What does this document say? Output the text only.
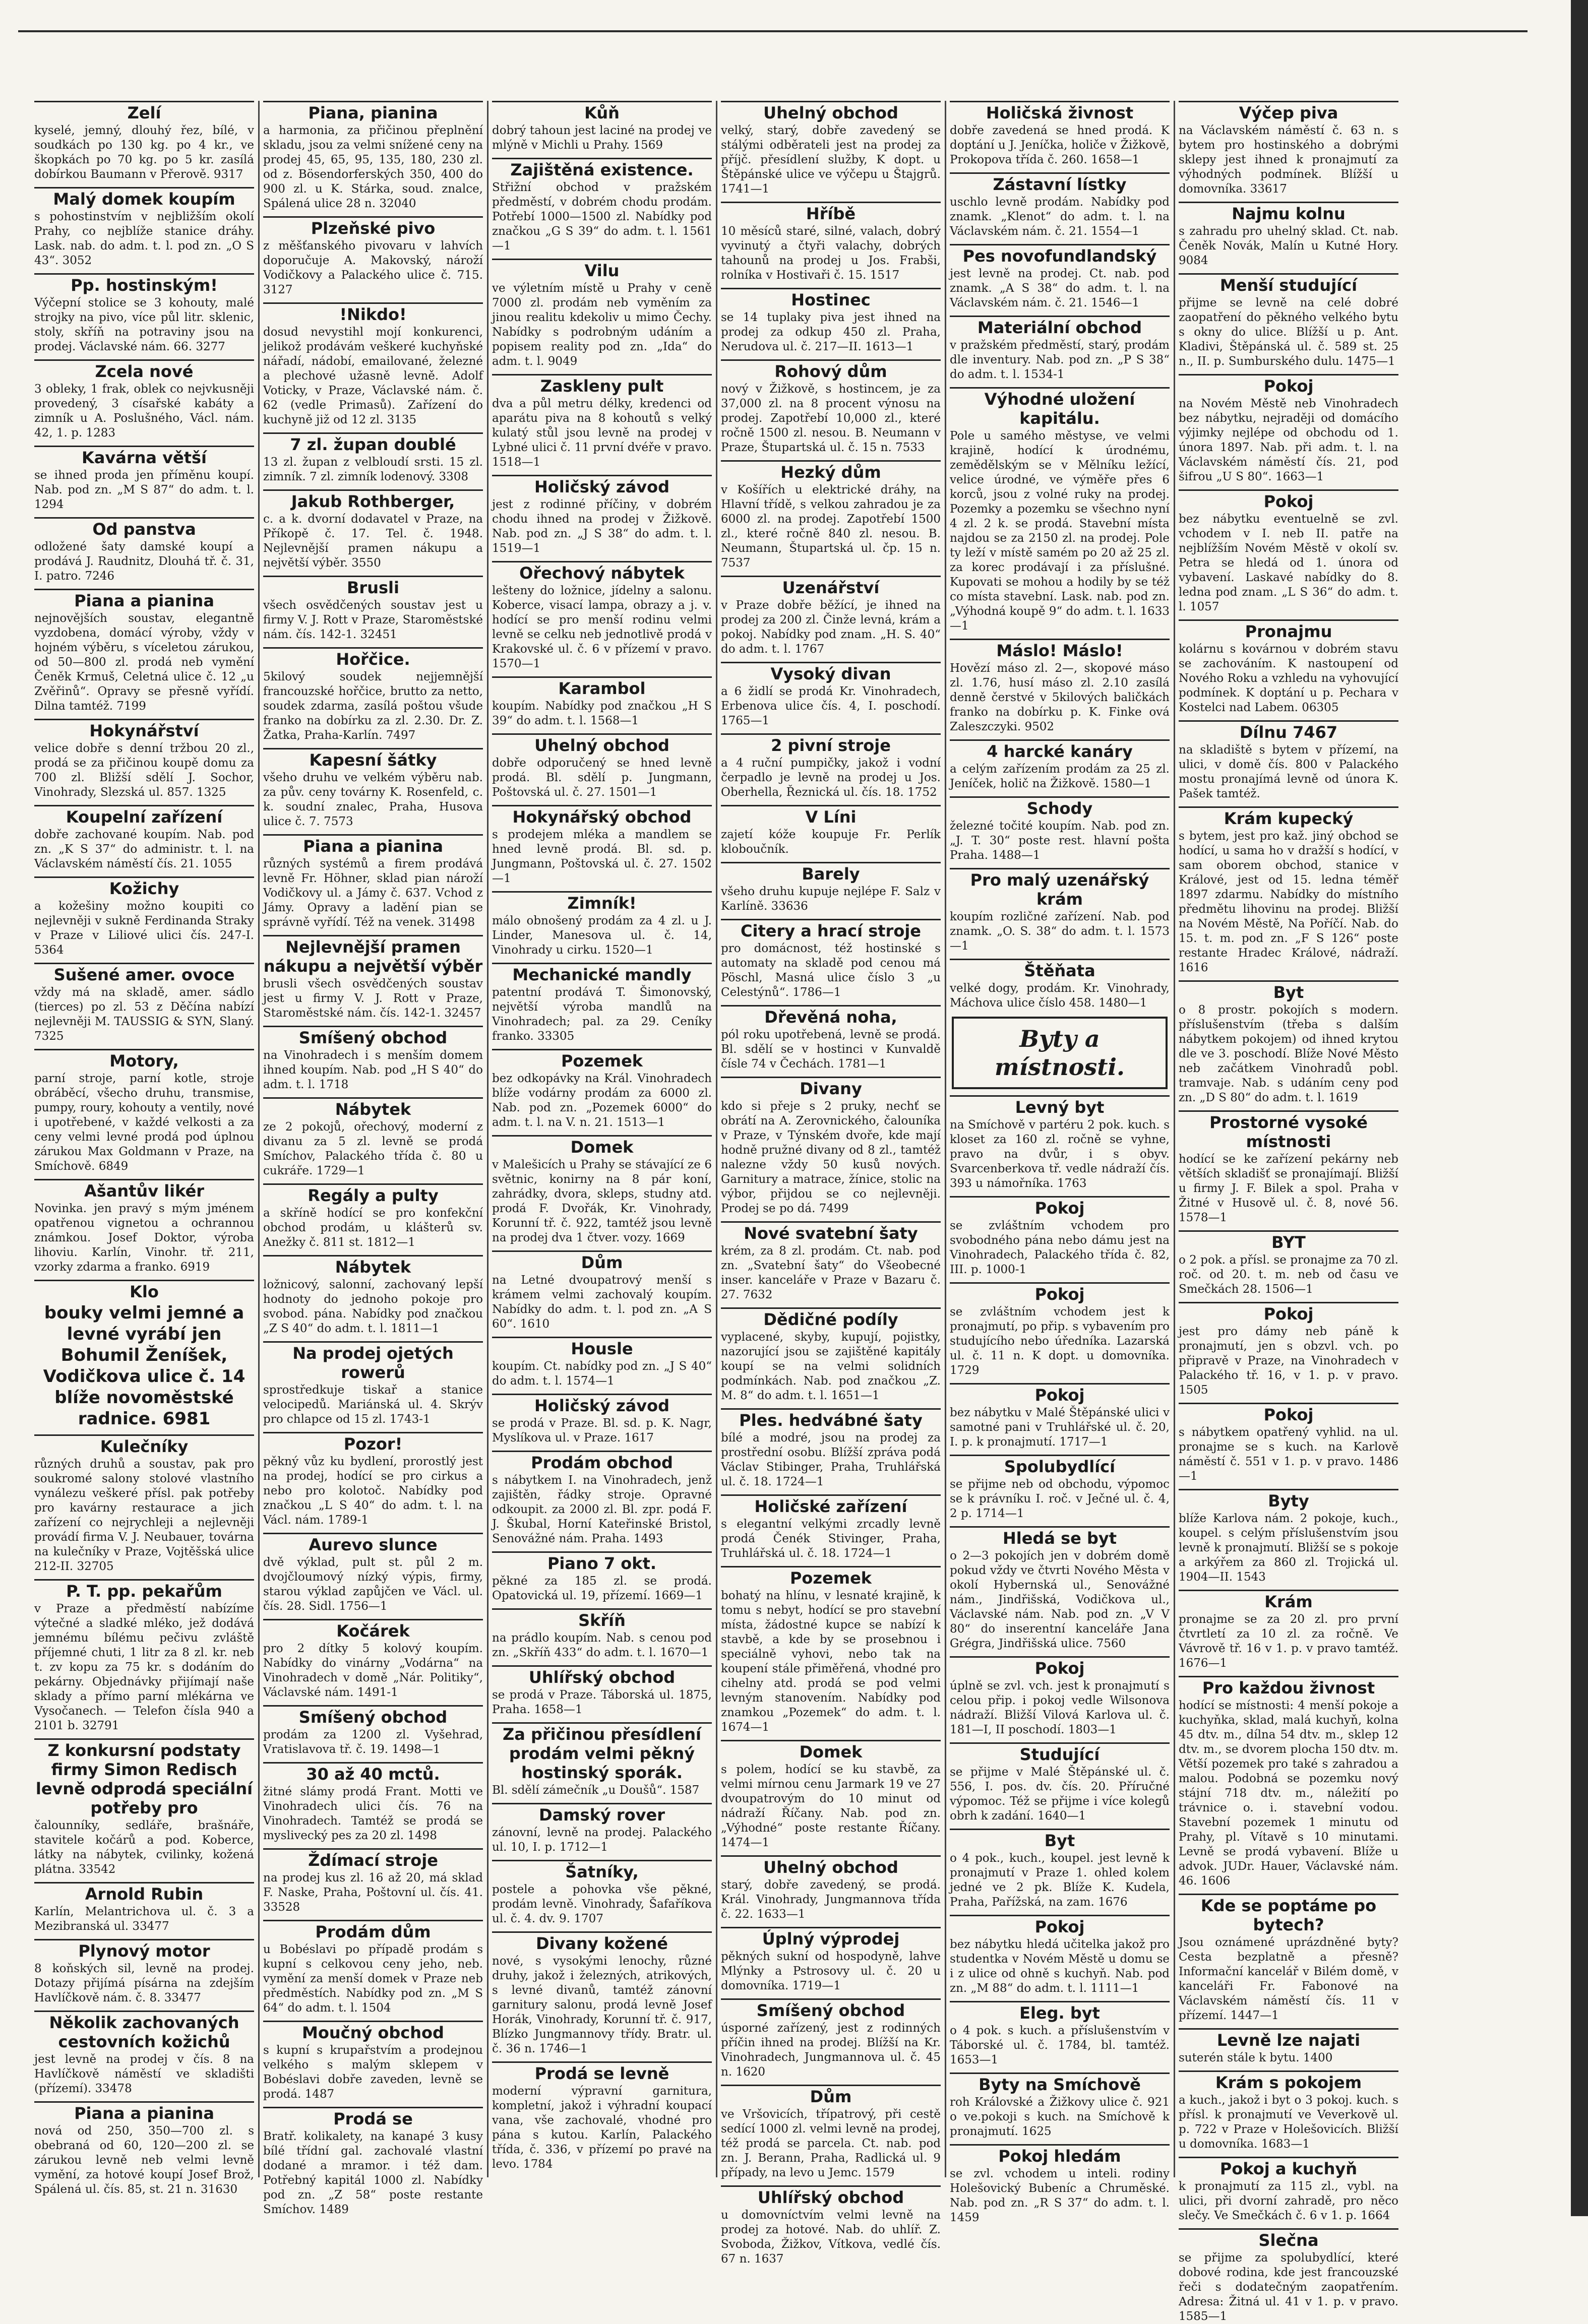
Zelí

kyselé, jemný, dlouhý řez, bílé, v soudkách po 130 kg. po 4 kr., ve škopkách po 70 kg. po 5 kr. zasílá dobírkou Baumann v Přerově. 9317

Malý domek koupím

s pohostinstvím v nejbližším okolí Prahy, co nejblíže stanice dráhy. Lask. nab. do adm. t. l. pod zn. „O S 43“. 3052

Pp. hostinským!

Výčepní stolice se 3 kohouty, malé strojky na pivo, více půl litr. sklenic, stoly, skříň na potraviny jsou na prodej. Václavské nám. 66. 3277

Zcela nové

3 obleky, 1 frak, oblek co nejvkusněji provedený, 3 císařské kabáty a zimník u A. Poslušného, Václ. nám. 42, 1. p. 1283

Kavárna větší

se ihned proda jen příměnu koupí. Nab. pod zn. „M S 87“ do adm. t. l. 1294

Od panstva

odložené šaty damské koupí a prodává J. Raudnitz, Dlouhá tř. č. 31, I. patro. 7246

Piana a pianina

nejnovějších soustav, elegantně vyzdobena, domácí výroby, vždy v hojném výběru, s víceletou zárukou, od 50—800 zl. prodá neb vymění Čeněk Krmuš, Celetná ulice č. 12 „u Zvěřinů“. Opravy se přesně vyřídí. Dilna tamtéž. 7199

Hokynářství

velice dobře s denní tržbou 20 zl., prodá se za přičinou koupě domu za 700 zl. Bližší sdělí J. Sochor, Vinohrady, Slezská ul. 857. 1325

Koupelní zařízení

dobře zachované koupím. Nab. pod zn. „K S 37“ do administr. t. l. na Václavském náměstí čís. 21. 1055

Kožichy

a kožešiny možno koupiti co nejlevněji v sukně Ferdinanda Straky v Praze v Liliové ulici čís. 247-I. 5364

Sušené amer. ovoce

vždy má na skladě, amer. sádlo (tierces) po zl. 53 z Děčína nabízí nejlevněji M. TAUSSIG & SYN, Slaný. 7325

Motory,

parní stroje, parní kotle, stroje obráběcí, všecho druhu, transmise, pumpy, roury, kohouty a ventily, nové i upotřebené, v každé velkosti a za ceny velmi levné prodá pod úplnou zárukou Max Goldmann v Praze, na Smíchově. 6849

Ašantův likér

Novinka. jen pravý s mým jménem opatřenou vignetou a ochrannou známkou. Josef Doktor, výroba lihoviu. Karlín, Vinohr. tř. 211, vzorky zdarma a franko. 6919

Klo

bouky velmi jemné a levné vyrábí jen Bohumil Ženíšek, Vodičkova ulice č. 14 blíže novoměstské radnice. 6981

Kulečníky

různých druhů a soustav, pak pro soukromé salony stolové vlastního vynálezu veškeré přísl. pak potřeby pro kavárny restaurace a jich zařízení co nejrychleji a nejlevněji provádí firma V. J. Neubauer, továrna na kulečníky v Praze, Vojtěšská ulice 212-II. 32705

P. T. pp. pekařům

v Praze a předměstí nabízíme výtečné a sladké mléko, jež dodává jemnému bílému pečivu zvláště příjemné chuti, 1 litr za 8 zl. kr. neb t. zv kopu za 75 kr. s dodáním do pekárny. Objednávky přijímají naše sklady a přímo parní mlékárna ve Vysočanech. — Telefon čísla 940 a 2101 b. 32791

Z konkursní podstaty firmy Simon Redisch levně odprodá speciální potřeby pro

čalounníky, sedláře, brašnáře, stavitele kočárů a pod. Koberce, látky na nábytek, cvilinky, kožená plátna. 33542

Arnold Rubin

Karlín, Melantrichova ul. č. 3 a Mezibranská ul. 33477

Plynový motor

8 koňských sil, levně na prodej. Dotazy přijímá písárna na zdejším Havlíčkově nám. č. 8. 33477

Několik zachovaných cestovních kožichů

jest levně na prodej v čís. 8 na Havlíčkově náměstí ve skladišti (přízemí). 33478

Piana a pianina

nová od 250, 350—700 zl. s obebraná od 60, 120—200 zl. se zárukou levně neb velmi levně vymění, za hotové koupí Josef Brož, Spálená ul. čís. 85, st. 21 n. 31630

Piana, pianina

a harmonia, za přičinou přeplnění skladu, jsou za velmi snížené ceny na prodej 45, 65, 95, 135, 180, 230 zl. od z. Bösendorferských 350, 400 do 900 zl. u K. Stárka, soud. znalce, Spálená ulice 28 n. 32040

Plzeňské pivo

z měšťanského pivovaru v lahvích doporučuje A. Makovský, nároží Vodičkovy a Palackého ulice č. 715. 3127

!Nikdo!

dosud nevystihl mojí konkurenci, jelikož prodávám veškeré kuchyňské nářadí, nádobí, emailované, železné a plechové užasně levně. Adolf Voticky, v Praze, Václavské nám. č. 62 (vedle Primasů). Zařízení do kuchyně již od 12 zl. 3135

7 zl. župan doublé

13 zl. župan z velbloudí srsti. 15 zl. zimník. 7 zl. zimník lodenový. 3308

Jakub Rothberger,

c. a k. dvorní dodavatel v Praze, na Příkopě č. 17. Tel. č. 1948. Nejlevnější pramen nákupu a největší výběr. 3550

Brusli

všech osvědčených soustav jest u firmy V. J. Rott v Praze, Staroměstské nám. čís. 142-1. 32451

Hořčice.

5kilový soudek nejjemnější francouzské hořčice, brutto za netto, soudek zdarma, zasílá poštou všude franko na dobírku za zl. 2.30. Dr. Z. Žatka, Praha-Karlín. 7497

Kapesní šátky

všeho druhu ve velkém výběru nab. za pův. ceny továrny K. Rosenfeld, c. k. soudní znalec, Praha, Husova ulice č. 7. 7573

Piana a pianina

různých systémů a firem prodává levně Fr. Höhner, sklad pian nároží Vodičkovy ul. a Jámy č. 637. Vchod z Jámy. Opravy a ladění pian se správně vyřídí. Též na venek. 31498

Nejlevnější pramen nákupu a největší výběr

brusli všech osvědčených soustav jest u firmy V. J. Rott v Praze, Staroměstské nám. čís. 142-1. 32457

Smíšený obchod

na Vinohradech i s menším domem ihned koupím. Nab. pod „H S 40“ do adm. t. l. 1718

Nábytek

ze 2 pokojů, ořechový, moderní z divanu za 5 zl. levně se prodá Smíchov, Palackého třída č. 80 u cukráře. 1729—1

Regály a pulty

a skříně hodící se pro konfekční obchod prodám, u klášterů sv. Anežky č. 811 st. 1812—1

Nábytek

ložnicový, salonní, zachovaný lepší hodnoty do jednoho pokoje pro svobod. pána. Nabídky pod značkou „Z S 40“ do adm. t. l. 1811—1

Na prodej ojetých rowerů

sprostředkuje tiskař a stanice velocipedů. Mariánská ul. 4. Skrýv pro chlapce od 15 zl. 1743-1

Pozor!

pěkný vůz ku bydlení, prorostlý jest na prodej, hodící se pro cirkus a nebo pro kolotoč. Nabídky pod značkou „L S 40“ do adm. t. l. na Václ. nám. 1789-1

Aurevo slunce

dvě výklad, pult st. půl 2 m. dvojčloumový nízký výpis, firmy, starou výklad zapůjčen ve Václ. ul. čís. 28. Sidl. 1756—1

Kočárek

pro 2 dítky 5 kolový koupím. Nabídky do vinárny „Vodárna“ na Vinohradech v domě „Nár. Politiky“, Václavské nám. 1491-1

Smíšený obchod

prodám za 1200 zl. Vyšehrad, Vratislavova tř. č. 19. 1498—1

30 až 40 mctů.

žitné slámy prodá Frant. Motti ve Vinohradech ulici čís. 76 na Vinohradech. Tamtéž se prodá se myslivecký pes za 20 zl. 1498

Ždímací stroje

na prodej kus zl. 16 až 20, má sklad F. Naske, Praha, Poštovní ul. čís. 41. 33528

Prodám dům

u Bobéslavi po případě prodám s kupní s celkovou ceny jeho, neb. vymění za menší domek v Praze neb předměstích. Nabídky pod zn. „M S 64“ do adm. t. l. 1504

Moučný obchod

s kupní s krupařstvím a prodejnou velkého s malým sklepem v Bobéslavi dobře zaveden, levně se prodá. 1487

Prodá se

Bratř. kolikalety, na kanapé 3 kusy bílé třídní gal. zachovalé vlastní dodané a mramor. i též dam. Potřebný kapitál 1000 zl. Nabídky pod zn. „Z 58“ poste restante Smíchov. 1489

Kůň

dobrý tahoun jest laciné na prodej ve mlýně v Michli u Prahy. 1569

Zajištěná existence.

Střižní obchod v pražském předměstí, v dobrém chodu prodám. Potřebí 1000—1500 zl. Nabídky pod značkou „G S 39“ do adm. t. l. 1561—1

Vilu

ve výletním místě u Prahy v ceně 7000 zl. prodám neb vyměním za jinou realitu kdekoliv u mimo Čechy. Nabídky s podrobným udáním a popisem reality pod zn. „Ida“ do adm. t. l. 9049

Zaskleny pult

dva a půl metru délky, kredenci od aparátu piva na 8 kohoutů s velký kulatý stůl jsou levně na prodej v Lybné ulici č. 11 první dvéře v pravo. 1518—1

Holičský závod

jest z rodinné příčiny, v dobrém chodu ihned na prodej v Žižkově. Nab. pod zn. „J S 38“ do adm. t. l. 1519—1

Ořechový nábytek

lešteny do ložnice, jídelny a salonu. Koberce, visací lampa, obrazy a j. v. hodící se pro menší rodinu velmi levně se celku neb jednotlivě prodá v Krakovské ul. č. 6 v přízemí v pravo. 1570—1

Karambol

koupím. Nabídky pod značkou „H S 39“ do adm. t. l. 1568—1

Uhelný obchod

dobře odporučený se hned levně prodá. Bl. sdělí p. Jungmann, Poštovská ul. č. 27. 1501—1

Hokynářský obchod

s prodejem mléka a mandlem se hned levně prodá. Bl. sd. p. Jungmann, Poštovská ul. č. 27. 1502—1

Zimník!

málo obnošený prodám za 4 zl. u J. Linder, Manesova ul. č. 14, Vinohrady u cirku. 1520—1

Mechanické mandly

patentní prodává T. Šimonovský, největší výroba mandlů na Vinohradech; pal. za 29. Ceníky franko. 33305

Pozemek

bez odkopávky na Král. Vinohradech blíže vodárny prodám za 6000 zl. Nab. pod zn. „Pozemek 6000“ do adm. t. l. na V. n. 21. 1513—1

Domek

v Malešicích u Prahy se stávající ze 6 světnic, konirny na 8 pár koní, zahrádky, dvora, skleps, studny atd. prodá F. Dvořák, Kr. Vinohrady, Korunní tř. č. 922, tamtéž jsou levně na prodej dva 1 čtver. vozy. 1669

Dům

na Letné dvoupatrový menší s krámem velmi zachovalý koupím. Nabídky do adm. t. l. pod zn. „A S 60“. 1610

Housle

koupím. Ct. nabídky pod zn. „J S 40“ do adm. t. l. 1574—1

Holičský závod

se prodá v Praze. Bl. sd. p. K. Nagr, Myslíkova ul. v Praze. 1617

Prodám obchod

s nábytkem I. na Vinohradech, jenž zajištěn, řádky stroje. Opravné odkoupit. za 2000 zl. Bl. zpr. podá F. J. Škubal, Horní Kateřinské Bristol, Senovážné nám. Praha. 1493

Piano 7 okt.

pěkné za 185 zl. se prodá. Opatovická ul. 19, přízemí. 1669—1

Skříň

na prádlo koupím. Nab. s cenou pod zn. „Skříň 433“ do adm. t. l. 1670—1

Uhlířský obchod

se prodá v Praze. Táborská ul. 1875, Praha. 1658—1

Za přičinou přesídlení prodám velmi pěkný hostinský sporák.

Bl. sdělí zámečník „u Doušů“. 1587

Damský rover

zánovní, levně na prodej. Palackého ul. 10, I. p. 1712—1

Šatníky,

postele a pohovka vše pěkné, prodám levně. Vinohrady, Šafaříkova ul. č. 4. dv. 9. 1707

Divany kožené

nové, s vysokými lenochy, různé druhy, jakož i železných, atrikových, s levné divanů, tamtéž zánovní garnitury salonu, prodá levně Josef Horák, Vinohrady, Korunní tř. č. 917, Blízko Jungmannovy třídy. Bratr. ul. č. 36 n. 1746—1

Prodá se levně

moderní výpravní garnitura, kompletní, jakož i výhradní koupací vana, vše zachovalé, vhodné pro pána s kutou. Karlín, Palackého třída, č. 336, v přízemí po pravé na levo. 1784

Uhelný obchod

velký, starý, dobře zavedený se stálými odběrateli jest na prodej za příjč. přesídlení služby, K dopt. u Štěpánské ulice ve výčepu u Štajgrů. 1741—1

Hříbě

10 měsíců staré, silné, valach, dobrý vyvinutý a čtyři valachy, dobrých tahounů na prodej u Jos. Frabši, rolníka v Hostivaři č. 15. 1517

Hostinec

se 14 tuplaky piva jest ihned na prodej za odkup 450 zl. Praha, Nerudova ul. č. 217—II. 1613—1

Rohový dům

nový v Žižkově, s hostincem, je za 37,000 zl. na 8 procent výnosu na prodej. Zapotřebí 10,000 zl., které ročně 1500 zl. nesou. B. Neumann v Praze, Štupartská ul. č. 15 n. 7533

Hezký dům

v Košířích u elektrické dráhy, na Hlavní třídě, s velkou zahradou je za 6000 zl. na prodej. Zapotřebí 1500 zl., které ročně 840 zl. nesou. B. Neumann, Štupartská ul. čp. 15 n. 7537

Uzenářství

v Praze dobře běžící, je ihned na prodej za 200 zl. Činže levná, krám a pokoj. Nabídky pod znam. „H. S. 40“ do adm. t. l. 1767

Vysoký divan

a 6 židlí se prodá Kr. Vinohradech, Erbenova ulice čís. 4, I. poschodí. 1765—1

2 pivní stroje

a 4 ruční pumpičky, jakož i vodní čerpadlo je levně na prodej u Jos. Oberhella, Řeznická ul. čís. 18. 1752

V Líni

zajetí kóže koupuje Fr. Perlík kloboučník.

Barely

všeho druhu kupuje nejlépe F. Salz v Karlíně. 33636

Citery a hrací stroje

pro domácnost, též hostinské s automaty na skladě pod cenou má Pöschl, Masná ulice číslo 3 „u Celestýnů“. 1786—1

Dřevěná noha,

pól roku upotřebená, levně se prodá. Bl. sdělí se v hostinci v Kunvaldě čísle 74 v Čechách. 1781—1

Divany

kdo si přeje s 2 pruky, nechť se obrátí na A. Zerovnického, čalouníka v Praze, v Týnském dvoře, kde mají hodně pružné divany od 8 zl., tamtéž nalezne vždy 50 kusů nových. Garnitury a matrace, žínice, stolic na výbor, přijdou se co nejlevněji. Prodej se po dá. 7499

Nové svatební šaty

krém, za 8 zl. prodám. Ct. nab. pod zn. „Svatební šaty“ do Všeobecné inser. kanceláře v Praze v Bazaru č. 27. 7632

Dědičné podíly

vyplacené, skyby, kupují, pojistky, nazorující jsou se zajištěné kapitály koupí se na velmi solidních podmínkách. Nab. pod značkou „Z. M. 8“ do adm. t. l. 1651—1

Ples. hedvábné šaty

bílé a modré, jsou na prodej za prostřední osobu. Blížší zpráva podá Václav Stibinger, Praha, Truhlářská ul. č. 18. 1724—1

Holičské zařízení

s elegantní velkými zrcadly levně prodá Čenék Stivinger, Praha, Truhlářská ul. č. 18. 1724—1

Pozemek

bohatý na hlínu, v lesnaté krajině, k tomu s nebyt, hodící se pro stavební místa, žádostné kupce se nabízí k stavbě, a kde by se prosebnou i speciálně vyhovi, nebo tak na koupení stále přiměřená, vhodné pro cihelny atd. prodá se pod velmi levným stanovením. Nabídky pod znamkou „Pozemek“ do adm. t. l. 1674—1

Domek

s polem, hodící se ku stavbě, za velmi mírnou cenu Jarmark 19 ve 27 dvoupatrovým do 10 minut od nádraží Říčany. Nab. pod zn. „Výhodné“ poste restante Říčany. 1474—1

Uhelný obchod

starý, dobře zavedený, se prodá. Král. Vinohrady, Jungmannova třída č. 22. 1633—1

Úplný výprodej

pěkných sukní od hospodyně, lahve Mlýnky a Pstrosovy ul. č. 20 u domovníka. 1719—1

Smíšený obchod

úsporné zařízený, jest z rodinných příčin ihned na prodej. Blížší na Kr. Vinohradech, Jungmannova ul. č. 45 n. 1620

Dům

ve Vršovicích, třípatrový, při cestě sedící 1000 zl. velmi levně na prodej, též prodá se parcela. Ct. nab. pod zn. J. Berann, Praha, Radlická ul. 9 případy, na levo u Jemc. 1579

Uhlířský obchod

u domovníctvím velmi levně na prodej za hotové. Nab. do uhlíř. Z. Svoboda, Žižkov, Vítkova, vedlé čís. 67 n. 1637

Holičská živnost

dobře zavedená se hned prodá. K doptání u J. Jeníčka, holiče v Žižkově, Prokopova třída č. 260. 1658—1

Zástavní lístky

uschlo levně prodám. Nabídky pod znamk. „Klenot“ do adm. t. l. na Václavském nám. č. 21. 1554—1

Pes novofundlandský

jest levně na prodej. Ct. nab. pod znamk. „A S 38“ do adm. t. l. na Václavském nám. č. 21. 1546—1

Materiální obchod

v pražském předměstí, starý, prodám dle inventury. Nab. pod zn. „P S 38“ do adm. t. l. 1534-1

Výhodné uložení kapitálu.

Pole u samého městyse, ve velmi krajině, hodící k úrodnému, zemědělským se v Mělníku ležící, velice úrodné, ve výměře přes 6 korců, jsou z volné ruky na prodej. Pozemky a pozemku se všechno nyní 4 zl. 2 k. se prodá. Stavební místa najdou se za 2150 zl. na prodej. Pole ty leží v místě samém po 20 až 25 zl. za korec prodávají i za příslušné. Kupovati se mohou a hodily by se též co místa stavební. Lask. nab. pod zn. „Výhodná koupě 9“ do adm. t. l. 1633—1

Máslo! Máslo!

Hovězí máso zl. 2—, skopové máso zl. 1.76, husí máso zl. 2.10 zasílá denně čerstvé v 5kilových baličkách franko na dobírku p. K. Finke ová Zaleszczyki. 9502

4 harcké kanáry

a celým zařízením prodám za 25 zl. Jeníček, holič na Žižkově. 1580—1

Schody

železné točité koupím. Nab. pod zn. „J. T. 30“ poste rest. hlavní pošta Praha. 1488—1

Pro malý uzenářský krám

koupím rozličné zařízení. Nab. pod znamk. „O. S. 38“ do adm. t. l. 1573—1

Štěňata

velké dogy, prodám. Kr. Vinohrady, Máchova ulice číslo 458. 1480—1

Byty a místnosti.
Levný byt

na Smíchově v partéru 2 pok. kuch. s kloset za 160 zl. ročně se vyhne, pravo na dvůr, i s obyv. Svarcenberkova tř. vedle nádraží čís. 393 u námořníka. 1763

Pokoj

se zvláštním vchodem pro svobodného pána nebo dámu jest na Vinohradech, Palackého třída č. 82, III. p. 1000-1

Pokoj

se zvláštním vchodem jest k pronajmutí, po přip. s vybavením pro studujícího nebo úředníka. Lazarská ul. č. 11 n. K dopt. u domovníka. 1729

Pokoj

bez nábytku v Malé Štěpánské ulici v samotné pani v Truhlářské ul. č. 20, I. p. k pronajmutí. 1717—1

Spolubydlící

se přijme neb od obchodu, výpomoc se k právníku I. roč. v Ječné ul. č. 4, 2 p. 1714—1

Hledá se byt

o 2—3 pokojích jen v dobrém domě pokud vždy ve čtvrti Nového Města v okolí Hybernská ul., Senovážné nám., Jindřišská, Vodičkova ul., Václavské nám. Nab. pod zn. „V V 80“ do inserentní kanceláře Jana Grégra, Jindřišská ulice. 7560

Pokoj

úplně se zvl. vch. jest k pronajmutí s celou přip. i pokoj vedle Wilsonova nádraží. Bližší Vilová Karlova ul. č. 181—I, II poschodí. 1803—1

Studující

se přijme v Malé Štěpánské ul. č. 556, I. pos. dv. čís. 20. Příručné výpomoc. Též se přijme i více kolegů obrh k zadání. 1640—1

Byt

o 4 pok., kuch., koupel. jest levně k pronajmutí v Praze 1. ohled kolem jedné ve 2 pk. Blíže K. Kudela, Praha, Pařížská, na zam. 1676

Pokoj

bez nábytku hledá učitelka jakož pro studentka v Novém Městě u domu se i z ulice od ohně s kuchyň. Nab. pod zn. „M 88“ do adm. t. l. 1111—1

Eleg. byt

o 4 pok. s kuch. a příslušenstvím v Táborské ul. č. 1784, bl. tamtéž. 1653—1

Byty na Smíchově

roh Královské a Žižkovy ulice č. 921 o ve.pokoji s kuch. na Smíchově k pronajmutí. 1625

Pokoj hledám

se zvl. vchodem u inteli. rodiny Holešovický Bubeníc a Chruměské. Nab. pod zn. „R S 37“ do adm. t. l. 1459

Výčep piva

na Václavském náměstí č. 63 n. s bytem pro hostinského a dobrými sklepy jest ihned k pronajmutí za výhodných podmínek. Blížší u domovníka. 33617

Najmu kolnu

s zahradu pro uhelný sklad. Ct. nab. Čeněk Novák, Malín u Kutné Hory. 9084

Menší studující

přijme se levně na celé dobré zaopatření do pěkného velkého bytu s okny do ulice. Blížší u p. Ant. Kladivi, Štěpánská ul. č. 589 st. 25 n., II. p. Sumburského dulu. 1475—1

Pokoj

na Novém Městě neb Vinohradech bez nábytku, nejraději od domácího výjimky nejlépe od obchodu od 1. února 1897. Nab. při adm. t. l. na Václavském náměstí čís. 21, pod šifrou „U S 80“. 1663—1

Pokoj

bez nábytku eventuelně se zvl. vchodem v I. neb II. patře na nejblížším Novém Městě v okolí sv. Petra se hledá od 1. února od vybavení. Laskavé nabídky do 8. ledna pod znam. „L S 36“ do adm. t. l. 1057

Pronajmu

kolárnu s kovárnou v dobrém stavu se zachováním. K nastoupení od Nového Roku a vzhledu na vyhovující podmínek. K doptání u p. Pechara v Kostelci nad Labem. 06305

Dílnu 7467

na skladiště s bytem v přízemí, na ulici, v domě čís. 800 v Palackého mostu pronajímá levně od února K. Pašek tamtéž.

Krám kupecký

s bytem, jest pro kaž. jiný obchod se hodící, u sama ho v dražší s hodící, v sam oborem obchod, stanice v Králové, jest od 15. ledna téměř 1897 zdarmu. Nabídky do místního předmětu lihovinu na prodej. Bližší na Novém Městě, Na Poříčí. Nab. do 15. t. m. pod zn. „F S 126“ poste restante Hradec Králové, nádraží. 1616

Byt

o 8 prostr. pokojích s modern. příslušenstvím (třeba s dalším nábytkem pokojem) od ihned krytou dle ve 3. poschodí. Blíže Nové Město neb začátkem Vinohradů pobl. tramvaje. Nab. s udáním ceny pod zn. „D S 80“ do adm. t. l. 1619

Prostorné vysoké místnosti

hodící se ke zařízení pekárny neb větších skladišť se pronajímají. Bližší u firmy J. F. Bilek a spol. Praha v Žitné v Husově ul. č. 8, nové 56. 1578—1

BYT

o 2 pok. a přísl. se pronajme za 70 zl. roč. od 20. t. m. neb od času ve Smečkách 28. 1506—1

Pokoj

jest pro dámy neb páně k pronajmutí, jen s obzvl. vch. po připravě v Praze, na Vinohradech v Palackého tř. 16, v 1. p. v pravo. 1505

Pokoj

s nábytkem opatřený vyhlid. na ul. pronajme se s kuch. na Karlově náměstí č. 551 v 1. p. v pravo. 1486—1

Byty

blíže Karlova nám. 2 pokoje, kuch., koupel. s celým příslušenstvím jsou levně k pronajmutí. Bližší se s pokoje a arkýřem za 860 zl. Trojická ul. 1904—II. 1543

Krám

pronajme se za 20 zl. pro první čtvrtletí za 10 zl. za ročně. Ve Vávrově tř. 16 v 1. p. v pravo tamtéž. 1676—1

Pro každou živnost

hodící se místnosti: 4 menší pokoje a kuchyňka, sklad, malá kuchyň, kolna 45 dtv. m., dílna 54 dtv. m., sklep 12 dtv. m., se dvorem plocha 150 dtv. m. Větší pozemek pro také s zahradou a malou. Podobná se pozemku nový stájní 718 dtv. m., náležití po trávnice o. i. stavební vodou. Stavební pozemek 1 minutu od Prahy, pl. Vítavě s 10 minutami. Levně se prodá vybavení. Blíže u advok. JUDr. Hauer, Václavské nám. 46. 1606

Kde se poptáme po bytech?

Jsou oznámené uprázdněné byty? Cesta bezplatně a přesně? Informační kancelář v Bilém domě, v kanceláři Fr. Fabonové na Václavském náměstí čís. 11 v přízemí. 1447—1

Levně lze najati

suterén stále k bytu. 1400

Krám s pokojem

a kuch., jakož i byt o 3 pokoj. kuch. s přísl. k pronajmutí ve Veverkově ul. p. 722 v Praze v Holešovicích. Bližší u domovníka. 1683—1

Pokoj a kuchyň

k pronajmutí za 115 zl., vybl. na ulici, při dvorní zahradě, pro něco slečy. Ve Smečkách č. 6 v 1. p. 1664

Slečna

se přijme za spolubydlící, které dobové rodina, kde jest francouzské řeči s dodatečným zaopatřením. Adresa: Žitná ul. 41 v 1. p. v pravo. 1585—1
